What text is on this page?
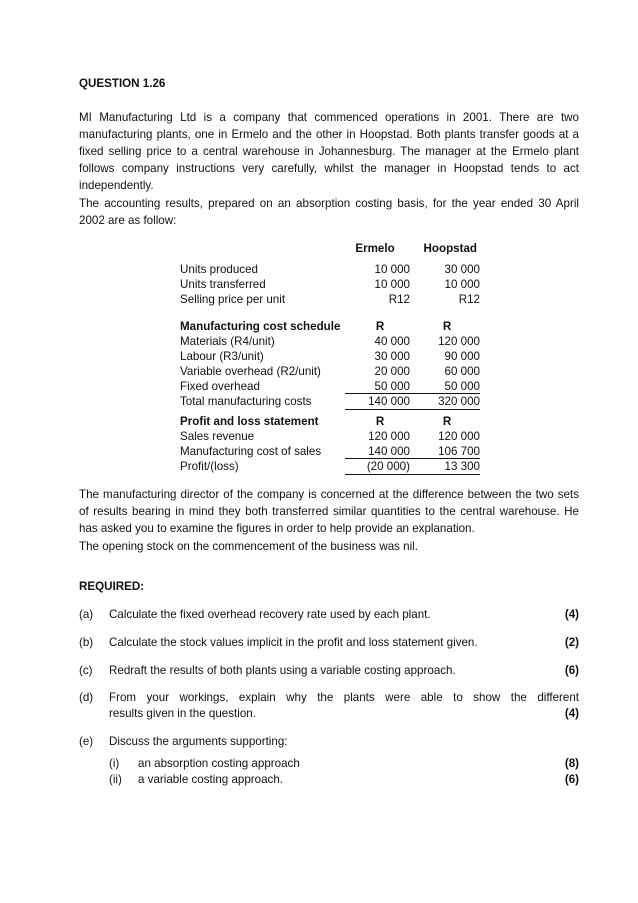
QUESTION 1.26
MI Manufacturing Ltd is a company that commenced operations in 2001. There are two manufacturing plants, one in Ermelo and the other in Hoopstad. Both plants transfer goods at a fixed selling price to a central warehouse in Johannesburg. The manager at the Ermelo plant follows company instructions very carefully, whilst the manager in Hoopstad tends to act independently.
The accounting results, prepared on an absorption costing basis, for the year ended 30 April 2002 are as follow:
Ermelo	Hoopstad
Units produced	10 000	30 000
Units transferred	10 000	10 000
Selling price per unit	R12	R12
Manufacturing cost schedule	R	R
Materials (R4/unit)	40 000	120 000
Labour (R3/unit)	30 000	90 000
Variable overhead (R2/unit)	20 000	60 000
Fixed overhead	50 000	50 000
Total manufacturing costs	140 000	320 000
Profit and loss statement	R	R
Sales revenue	120 000	120 000
Manufacturing cost of sales	140 000	106 700
Profit/(loss)	(20 000)	13 300
The manufacturing director of the company is concerned at the difference between the two sets of results bearing in mind they both transferred similar quantities to the central warehouse. He has asked you to examine the figures in order to help provide an explanation.
The opening stock on the commencement of the business was nil.
REQUIRED:
(a) Calculate the fixed overhead recovery rate used by each plant.	(4)
(b) Calculate the stock values implicit in the profit and loss statement given.	(2)
(c) Redraft the results of both plants using a variable costing approach.	(6)
(d) From your workings, explain why the plants were able to show the different
results given in the question.	(4)
(e) Discuss the arguments supporting:
(i) an absorption costing approach	(8)
(ii) a variable costing approach.	(6)
